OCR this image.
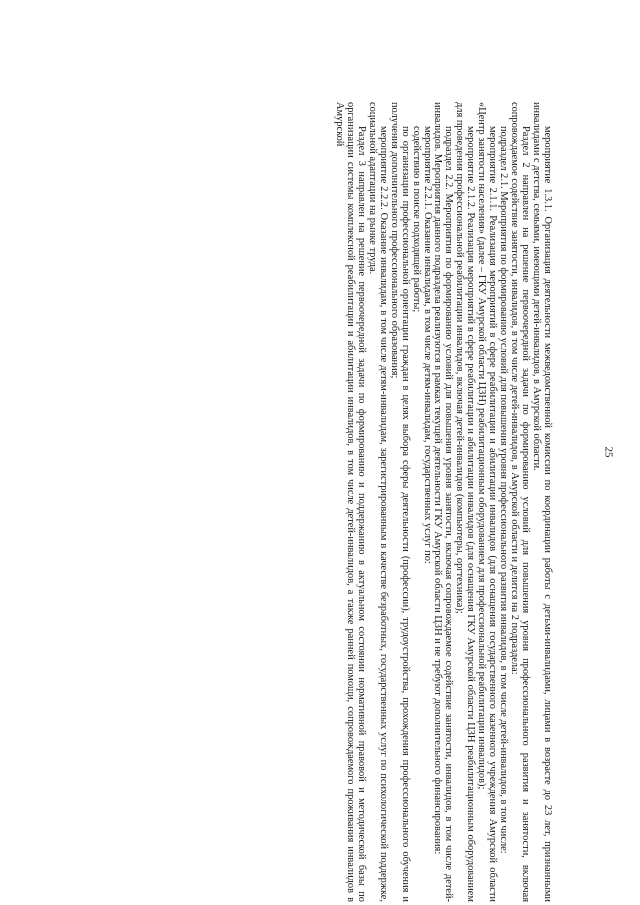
25

мероприятие 1.3.1. Организация деятельности межведомственной комиссии по координации работы с детьми-инвалидами, лицами в возрасте до 23 лет, признанными инвалидами с детства, семьями, имеющими детей-инвалидов, в Амурской области.

Раздел 2 направлен на решение первоочередной задачи по формированию условий для повышения уровня профессионального развития и занятости, включая сопровождаемое содействие занятости, инвалидов, в том числе детей-инвалидов, в Амурской области и делится на 2 подраздела:

подраздел 2.1. Мероприятия по формированию условий для повышения уровня профессионального развития инвалидов, в том числе детей-инвалидов, в том числе:

мероприятие 2.1.1. Реализация мероприятий в сфере реабилитации и абилитации инвалидов (для оснащения государственного казенного учреждения Амурской области «Центр занятости населения» (далее – ГКУ Амурской области ЦЗН) реабилитационным оборудованием для профессиональной реабилитации инвалидов);

мероприятие 2.1.2. Реализация мероприятий в сфере реабилитации и абилитации инвалидов (для оснащения ГКУ Амурской области ЦЗН реабилитационным оборудованием для проведения профессиональной реабилитации инвалидов, включая детей-инвалидов (компьютеры, оргтехника);

подраздел 2.2. Мероприятия по формированию условий для повышения уровня занятости, включая сопровождаемое содействие занятости, инвалидов, в том числе детей-инвалидов. Мероприятия данного подраздела реализуются в рамках текущей деятельности ГКУ Амурской области ЦЗН и не требуют дополнительного финансирования:

мероприятие 2.2.1. Оказание инвалидам, в том числе детям-инвалидам, государственных услуг по:

содействию в поиске подходящей работы;

по организации профессиональной ориентации граждан в целях выбора сферы деятельности (профессии), трудоустройства, прохождения профессионального обучения и получения дополнительного профессионального образования;

мероприятие 2.2.2. Оказание инвалидам, в том числе детям-инвалидам, зарегистрированным в качестве безработных, государственных услуг по психологической поддержке, социальной адаптации на рынке труда.

Раздел 3 направлен на решение первоочередной задачи по формированию и поддержанию в актуальном состоянии нормативной правовой и методической базы по организации системы комплексной реабилитации и абилитации инвалидов, в том числе детей-инвалидов, а также ранней помощи, сопровождаемого проживания инвалидов в Амурской
